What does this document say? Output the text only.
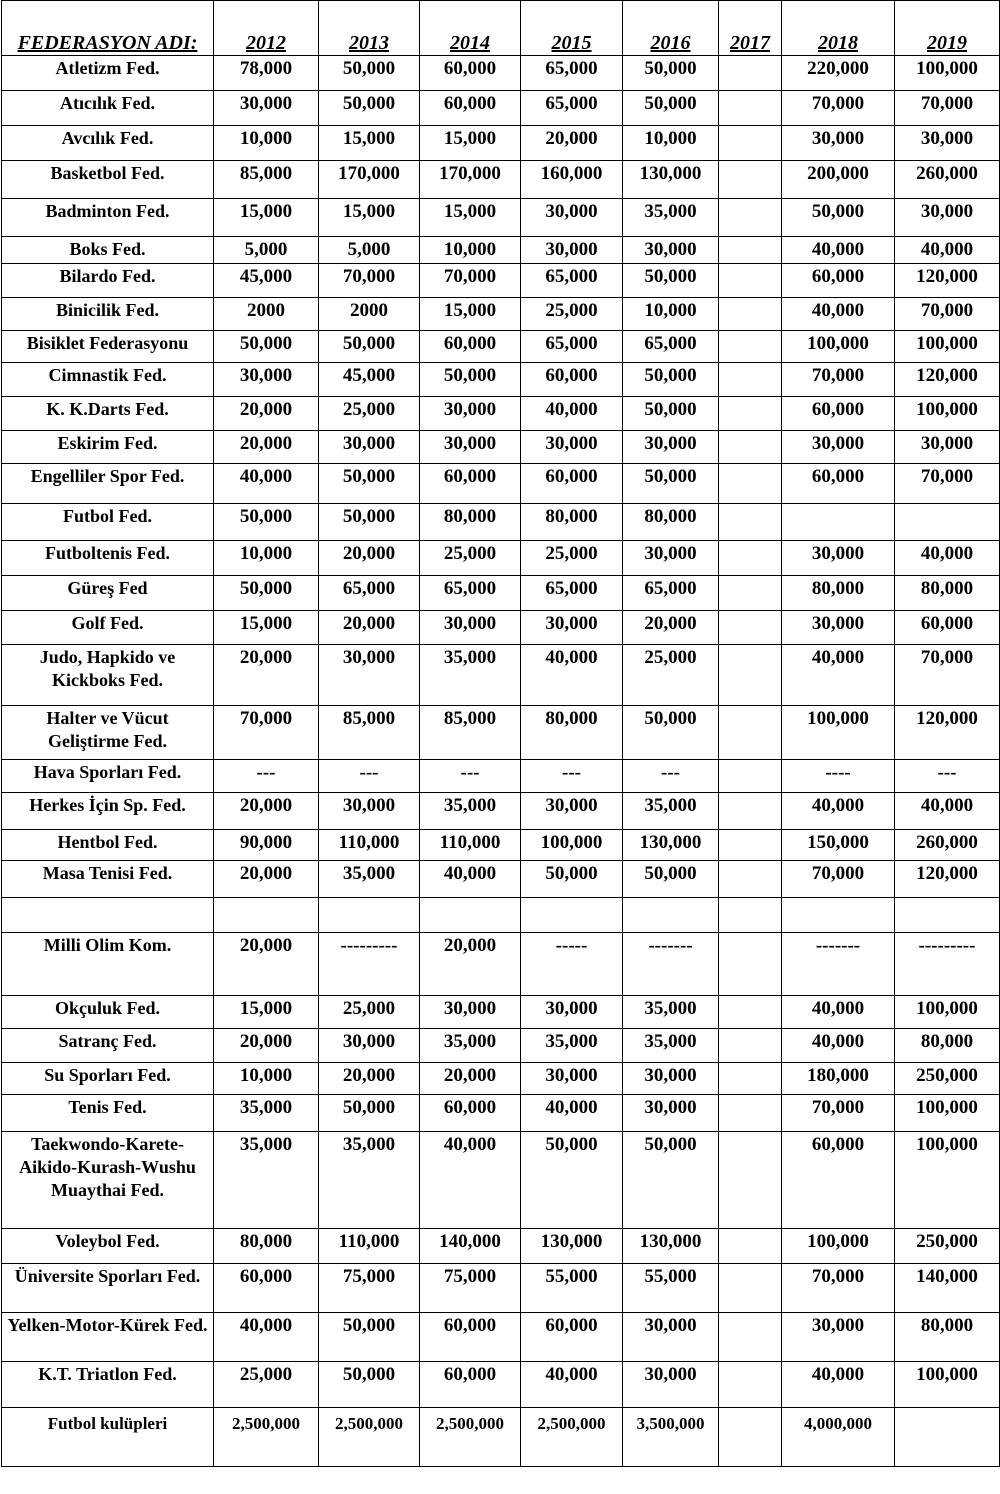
FEDERASYON ADI:	2012	2013	2014	2015	2016	2017	2018	2019
Atletizm Fed.	78,000	50,000	60,000	65,000	50,000		220,000	100,000
Atıcılık Fed.	30,000	50,000	60,000	65,000	50,000		70,000	70,000
Avcılık Fed.	10,000	15,000	15,000	20,000	10,000		30,000	30,000
Basketbol Fed.	85,000	170,000	170,000	160,000	130,000		200,000	260,000
Badminton Fed.	15,000	15,000	15,000	30,000	35,000		50,000	30,000
Boks Fed.	5,000	5,000	10,000	30,000	30,000		40,000	40,000
Bilardo Fed.	45,000	70,000	70,000	65,000	50,000		60,000	120,000
Binicilik Fed.	2000	2000	15,000	25,000	10,000		40,000	70,000
Bisiklet Federasyonu	50,000	50,000	60,000	65,000	65,000		100,000	100,000
Cimnastik Fed.	30,000	45,000	50,000	60,000	50,000		70,000	120,000
K. K.Darts Fed.	20,000	25,000	30,000	40,000	50,000		60,000	100,000
Eskirim Fed.	20,000	30,000	30,000	30,000	30,000		30,000	30,000
Engelliler Spor Fed.	40,000	50,000	60,000	60,000	50,000		60,000	70,000
Futbol Fed.	50,000	50,000	80,000	80,000	80,000			
Futboltenis Fed.	10,000	20,000	25,000	25,000	30,000		30,000	40,000
Güreş Fed	50,000	65,000	65,000	65,000	65,000		80,000	80,000
Golf Fed.	15,000	20,000	30,000	30,000	20,000		30,000	60,000
Judo, Hapkido ve Kickboks Fed.	20,000	30,000	35,000	40,000	25,000		40,000	70,000
Halter ve Vücut Geliştirme Fed.	70,000	85,000	85,000	80,000	50,000		100,000	120,000
Hava Sporları Fed.	---	---	---	---	---		----	---
Herkes İçin Sp. Fed.	20,000	30,000	35,000	30,000	35,000		40,000	40,000
Hentbol Fed.	90,000	110,000	110,000	100,000	130,000		150,000	260,000
Masa Tenisi Fed.	20,000	35,000	40,000	50,000	50,000		70,000	120,000

Milli Olim Kom.	20,000	---------	20,000	-----	-------		-------	---------
Okçuluk Fed.	15,000	25,000	30,000	30,000	35,000		40,000	100,000
Satranç Fed.	20,000	30,000	35,000	35,000	35,000		40,000	80,000
Su Sporları Fed.	10,000	20,000	20,000	30,000	30,000		180,000	250,000
Tenis Fed.	35,000	50,000	60,000	40,000	30,000		70,000	100,000
Taekwondo-Karete-Aikido-Kurash-Wushu Muaythai Fed.	35,000	35,000	40,000	50,000	50,000		60,000	100,000
Voleybol Fed.	80,000	110,000	140,000	130,000	130,000		100,000	250,000
Üniversite Sporları Fed.	60,000	75,000	75,000	55,000	55,000		70,000	140,000
Yelken-Motor-Kürek Fed.	40,000	50,000	60,000	60,000	30,000		30,000	80,000
K.T. Triatlon Fed.	25,000	50,000	60,000	40,000	30,000		40,000	100,000
Futbol kulüpleri	2,500,000	2,500,000	2,500,000	2,500,000	3,500,000		4,000,000	
